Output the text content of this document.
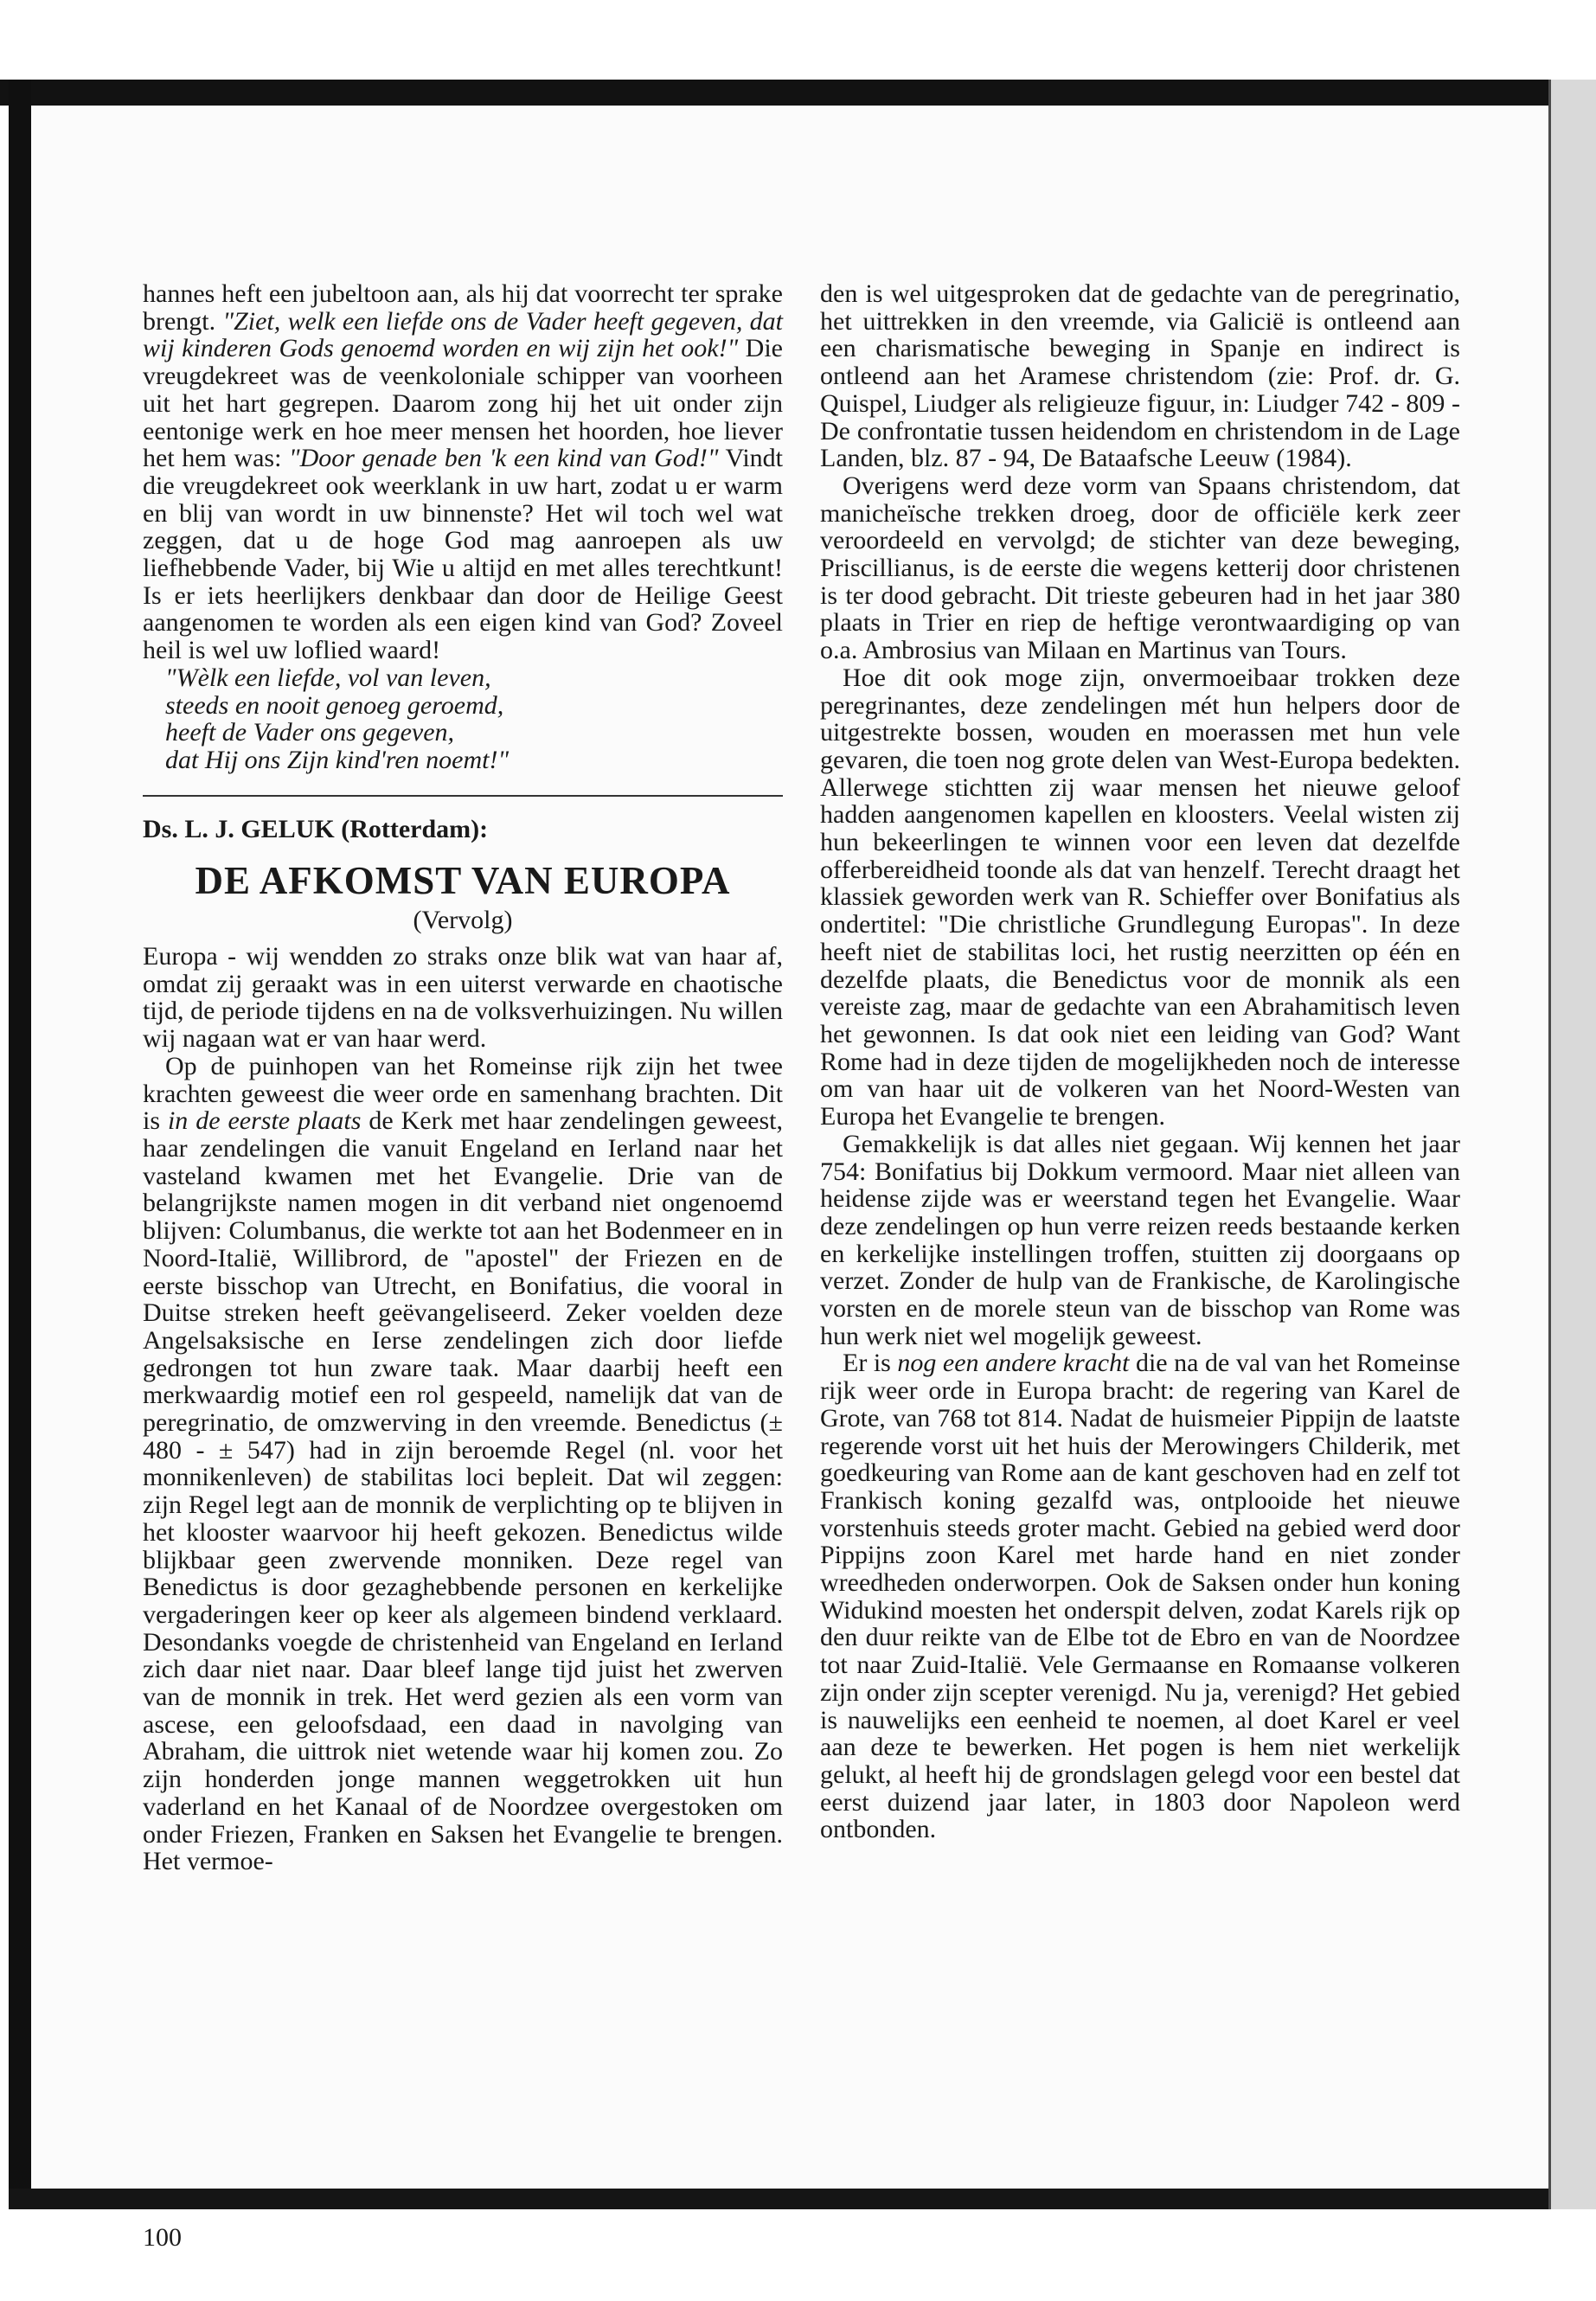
hannes heft een jubeltoon aan, als hij dat voorrecht ter sprake brengt. "Ziet, welk een liefde ons de Vader heeft gegeven, dat wij kinderen Gods genoemd worden en wij zijn het ook!" Die vreugdekreet was de veenkoloniale schipper van voorheen uit het hart gegrepen. Daarom zong hij het uit onder zijn eentonige werk en hoe meer mensen het hoorden, hoe liever het hem was: "Door genade ben 'k een kind van God!" Vindt die vreugdekreet ook weerklank in uw hart, zodat u er warm en blij van wordt in uw binnenste? Het wil toch wel wat zeggen, dat u de hoge God mag aanroepen als uw liefhebbende Vader, bij Wie u altijd en met alles terechtkunt! Is er iets heerlijkers denkbaar dan door de Heilige Geest aangenomen te worden als een eigen kind van God? Zoveel heil is wel uw loflied waard!

"Wèlk een liefde, vol van leven,
steeds en nooit genoeg geroemd,
heeft de Vader ons gegeven,
dat Hij ons Zijn kind'ren noemt!"
Ds. L. J. GELUK (Rotterdam):
DE AFKOMST VAN EUROPA
(Vervolg)

Europa - wij wendden zo straks onze blik wat van haar af, omdat zij geraakt was in een uiterst verwarde en chaotische tijd, de periode tijdens en na de volksverhuizingen. Nu willen wij nagaan wat er van haar werd.

Op de puinhopen van het Romeinse rijk zijn het twee krachten geweest die weer orde en samenhang brachten. Dit is in de eerste plaats de Kerk met haar zendelingen geweest, haar zendelingen die vanuit Engeland en Ierland naar het vasteland kwamen met het Evangelie. Drie van de belangrijkste namen mogen in dit verband niet ongenoemd blijven: Columbanus, die werkte tot aan het Bodenmeer en in Noord-Italië, Willibrord, de "apostel" der Friezen en de eerste bisschop van Utrecht, en Bonifatius, die vooral in Duitse streken heeft geëvangeliseerd. Zeker voelden deze Angelsaksische en Ierse zendelingen zich door liefde gedrongen tot hun zware taak. Maar daarbij heeft een merkwaardig motief een rol gespeeld, namelijk dat van de peregrinatio, de omzwerving in den vreemde. Benedictus (± 480 - ± 547) had in zijn beroemde Regel (nl. voor het monnikenleven) de stabilitas loci bepleit. Dat wil zeggen: zijn Regel legt aan de monnik de verplichting op te blijven in het klooster waarvoor hij heeft gekozen. Benedictus wilde blijkbaar geen zwervende monniken. Deze regel van Benedictus is door gezaghebbende personen en kerkelijke vergaderingen keer op keer als algemeen bindend verklaard. Desondanks voegde de christenheid van Engeland en Ierland zich daar niet naar. Daar bleef lange tijd juist het zwerven van de monnik in trek. Het werd gezien als een vorm van ascese, een geloofsdaad, een daad in navolging van Abraham, die uittrok niet wetende waar hij komen zou. Zo zijn honderden jonge mannen weggetrokken uit hun vaderland en het Kanaal of de Noordzee overgestoken om onder Friezen, Franken en Saksen het Evangelie te brengen. Het vermoe-

den is wel uitgesproken dat de gedachte van de peregrinatio, het uittrekken in den vreemde, via Galicië is ontleend aan een charismatische beweging in Spanje en indirect is ontleend aan het Aramese christendom (zie: Prof. dr. G. Quispel, Liudger als religieuze figuur, in: Liudger 742 - 809 - De confrontatie tussen heidendom en christendom in de Lage Landen, blz. 87 - 94, De Bataafsche Leeuw (1984).

Overigens werd deze vorm van Spaans christendom, dat manicheïsche trekken droeg, door de officiële kerk zeer veroordeeld en vervolgd; de stichter van deze beweging, Priscillianus, is de eerste die wegens ketterij door christenen is ter dood gebracht. Dit trieste gebeuren had in het jaar 380 plaats in Trier en riep de heftige verontwaardiging op van o.a. Ambrosius van Milaan en Martinus van Tours.

Hoe dit ook moge zijn, onvermoeibaar trokken deze peregrinantes, deze zendelingen mét hun helpers door de uitgestrekte bossen, wouden en moerassen met hun vele gevaren, die toen nog grote delen van West-Europa bedekten. Allerwege stichtten zij waar mensen het nieuwe geloof hadden aangenomen kapellen en kloosters. Veelal wisten zij hun bekeerlingen te winnen voor een leven dat dezelfde offerbereidheid toonde als dat van henzelf. Terecht draagt het klassiek geworden werk van R. Schieffer over Bonifatius als ondertitel: "Die christliche Grundlegung Europas". In deze heeft niet de stabilitas loci, het rustig neerzitten op één en dezelfde plaats, die Benedictus voor de monnik als een vereiste zag, maar de gedachte van een Abrahamitisch leven het gewonnen. Is dat ook niet een leiding van God? Want Rome had in deze tijden de mogelijkheden noch de interesse om van haar uit de volkeren van het Noord-Westen van Europa het Evangelie te brengen.

Gemakkelijk is dat alles niet gegaan. Wij kennen het jaar 754: Bonifatius bij Dokkum vermoord. Maar niet alleen van heidense zijde was er weerstand tegen het Evangelie. Waar deze zendelingen op hun verre reizen reeds bestaande kerken en kerkelijke instellingen troffen, stuitten zij doorgaans op verzet. Zonder de hulp van de Frankische, de Karolingische vorsten en de morele steun van de bisschop van Rome was hun werk niet wel mogelijk geweest.

Er is nog een andere kracht die na de val van het Romeinse rijk weer orde in Europa bracht: de regering van Karel de Grote, van 768 tot 814. Nadat de huismeier Pippijn de laatste regerende vorst uit het huis der Merowingers Childerik, met goedkeuring van Rome aan de kant geschoven had en zelf tot Frankisch koning gezalfd was, ontplooide het nieuwe vorstenhuis steeds groter macht. Gebied na gebied werd door Pippijns zoon Karel met harde hand en niet zonder wreedheden onderworpen. Ook de Saksen onder hun koning Widukind moesten het onderspit delven, zodat Karels rijk op den duur reikte van de Elbe tot de Ebro en van de Noordzee tot naar Zuid-Italië. Vele Germaanse en Romaanse volkeren zijn onder zijn scepter verenigd. Nu ja, verenigd? Het gebied is nauwelijks een eenheid te noemen, al doet Karel er veel aan deze te bewerken. Het pogen is hem niet werkelijk gelukt, al heeft hij de grondslagen gelegd voor een bestel dat eerst duizend jaar later, in 1803 door Napoleon werd ontbonden.

100
